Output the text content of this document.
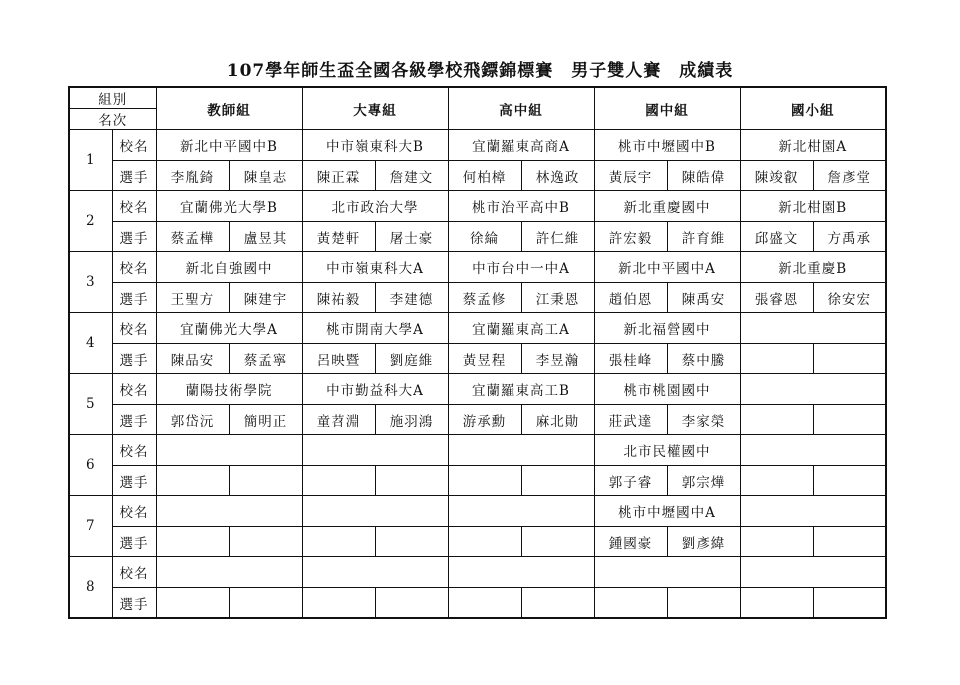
107學年師生盃全國各級學校飛鏢錦標賽　男子雙人賽　成績表
組別		教師組		大專組		高中組		國中組		國小組	
名次											
1	校名	新北中平國中B		中市嶺東科大B		宜蘭羅東高商A		桃市中壢國中B		新北柑園A	
	選手	李胤錡	陳皇志	陳正霖	詹建文	何柏樟	林逸政	黃辰宇	陳皓偉	陳竣叡	詹彥堂
2	校名	宜蘭佛光大學B		北市政治大學		桃市治平高中B		新北重慶國中		新北柑園B	
	選手	蔡孟樺	盧昱其	黃楚軒	屠士豪	徐綸	許仁維	許宏毅	許育維	邱盛文	方禹承
3	校名	新北自強國中		中市嶺東科大A		中市台中一中A		新北中平國中A		新北重慶B	
	選手	王聖方	陳建宇	陳祐毅	李建德	蔡孟修	江秉恩	趙伯恩	陳禹安	張睿恩	徐安宏
4	校名	宜蘭佛光大學A		桃市開南大學A		宜蘭羅東高工A		新北福營國中			
	選手	陳品安	蔡孟寧	呂映暨	劉庭維	黃昱程	李昱瀚	張桂峰	蔡中騰		
5	校名	蘭陽技術學院		中市勤益科大A		宜蘭羅東高工B		桃市桃園國中			
	選手	郭岱沅	簡明正	童苕淵	施羽鴻	游承勳	麻北勛	莊武達	李家榮		
6	校名							北市民權國中			
	選手							郭子睿	郭宗燁		
7	校名							桃市中壢國中A			
	選手							鍾國豪	劉彥緯		
8	校名										
	選手										
